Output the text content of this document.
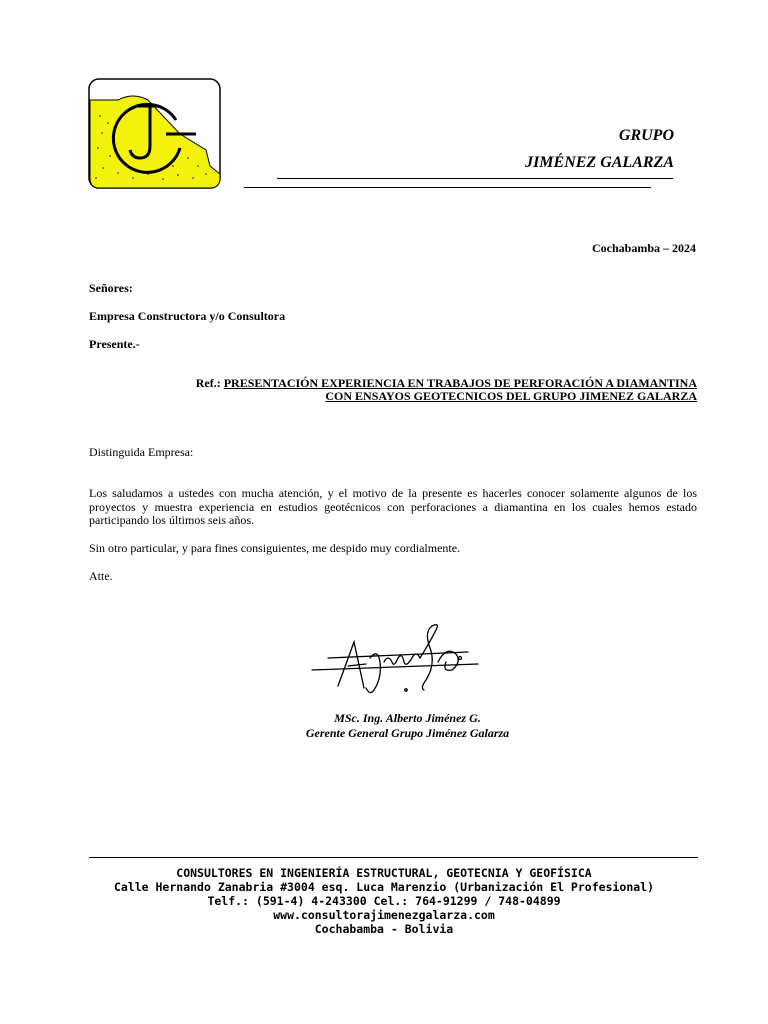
GRUPO
JIMÉNEZ GALARZA
Cochabamba – 2024
Señores:
Empresa Constructora y/o Consultora
Presente.-
Ref.: PRESENTACIÓN EXPERIENCIA EN TRABAJOS DE PERFORACIÓN A DIAMANTINA
CON ENSAYOS GEOTECNICOS DEL GRUPO JIMENEZ GALARZA
Distinguida Empresa:
Los saludamos a ustedes con mucha atención, y el motivo de la presente es hacerles conocer solamente algunos de los proyectos y muestra experiencia en estudios geotécnicos con perforaciones a diamantina en los cuales hemos estado participando los últimos seis años.
Sin otro particular, y para fines consiguientes, me despido muy cordialmente.
Atte.
MSc. Ing. Alberto Jiménez G.
Gerente General Grupo Jiménez Galarza
CONSULTORES EN INGENIERÍA ESTRUCTURAL, GEOTECNIA Y GEOFÍSICA
Calle Hernando Zanabria #3004 esq. Luca Marenzio (Urbanización El Profesional)
Telf.: (591-4) 4-243300 Cel.: 764-91299 / 748-04899
www.consultorajimenezgalarza.com
Cochabamba - Bolivia
